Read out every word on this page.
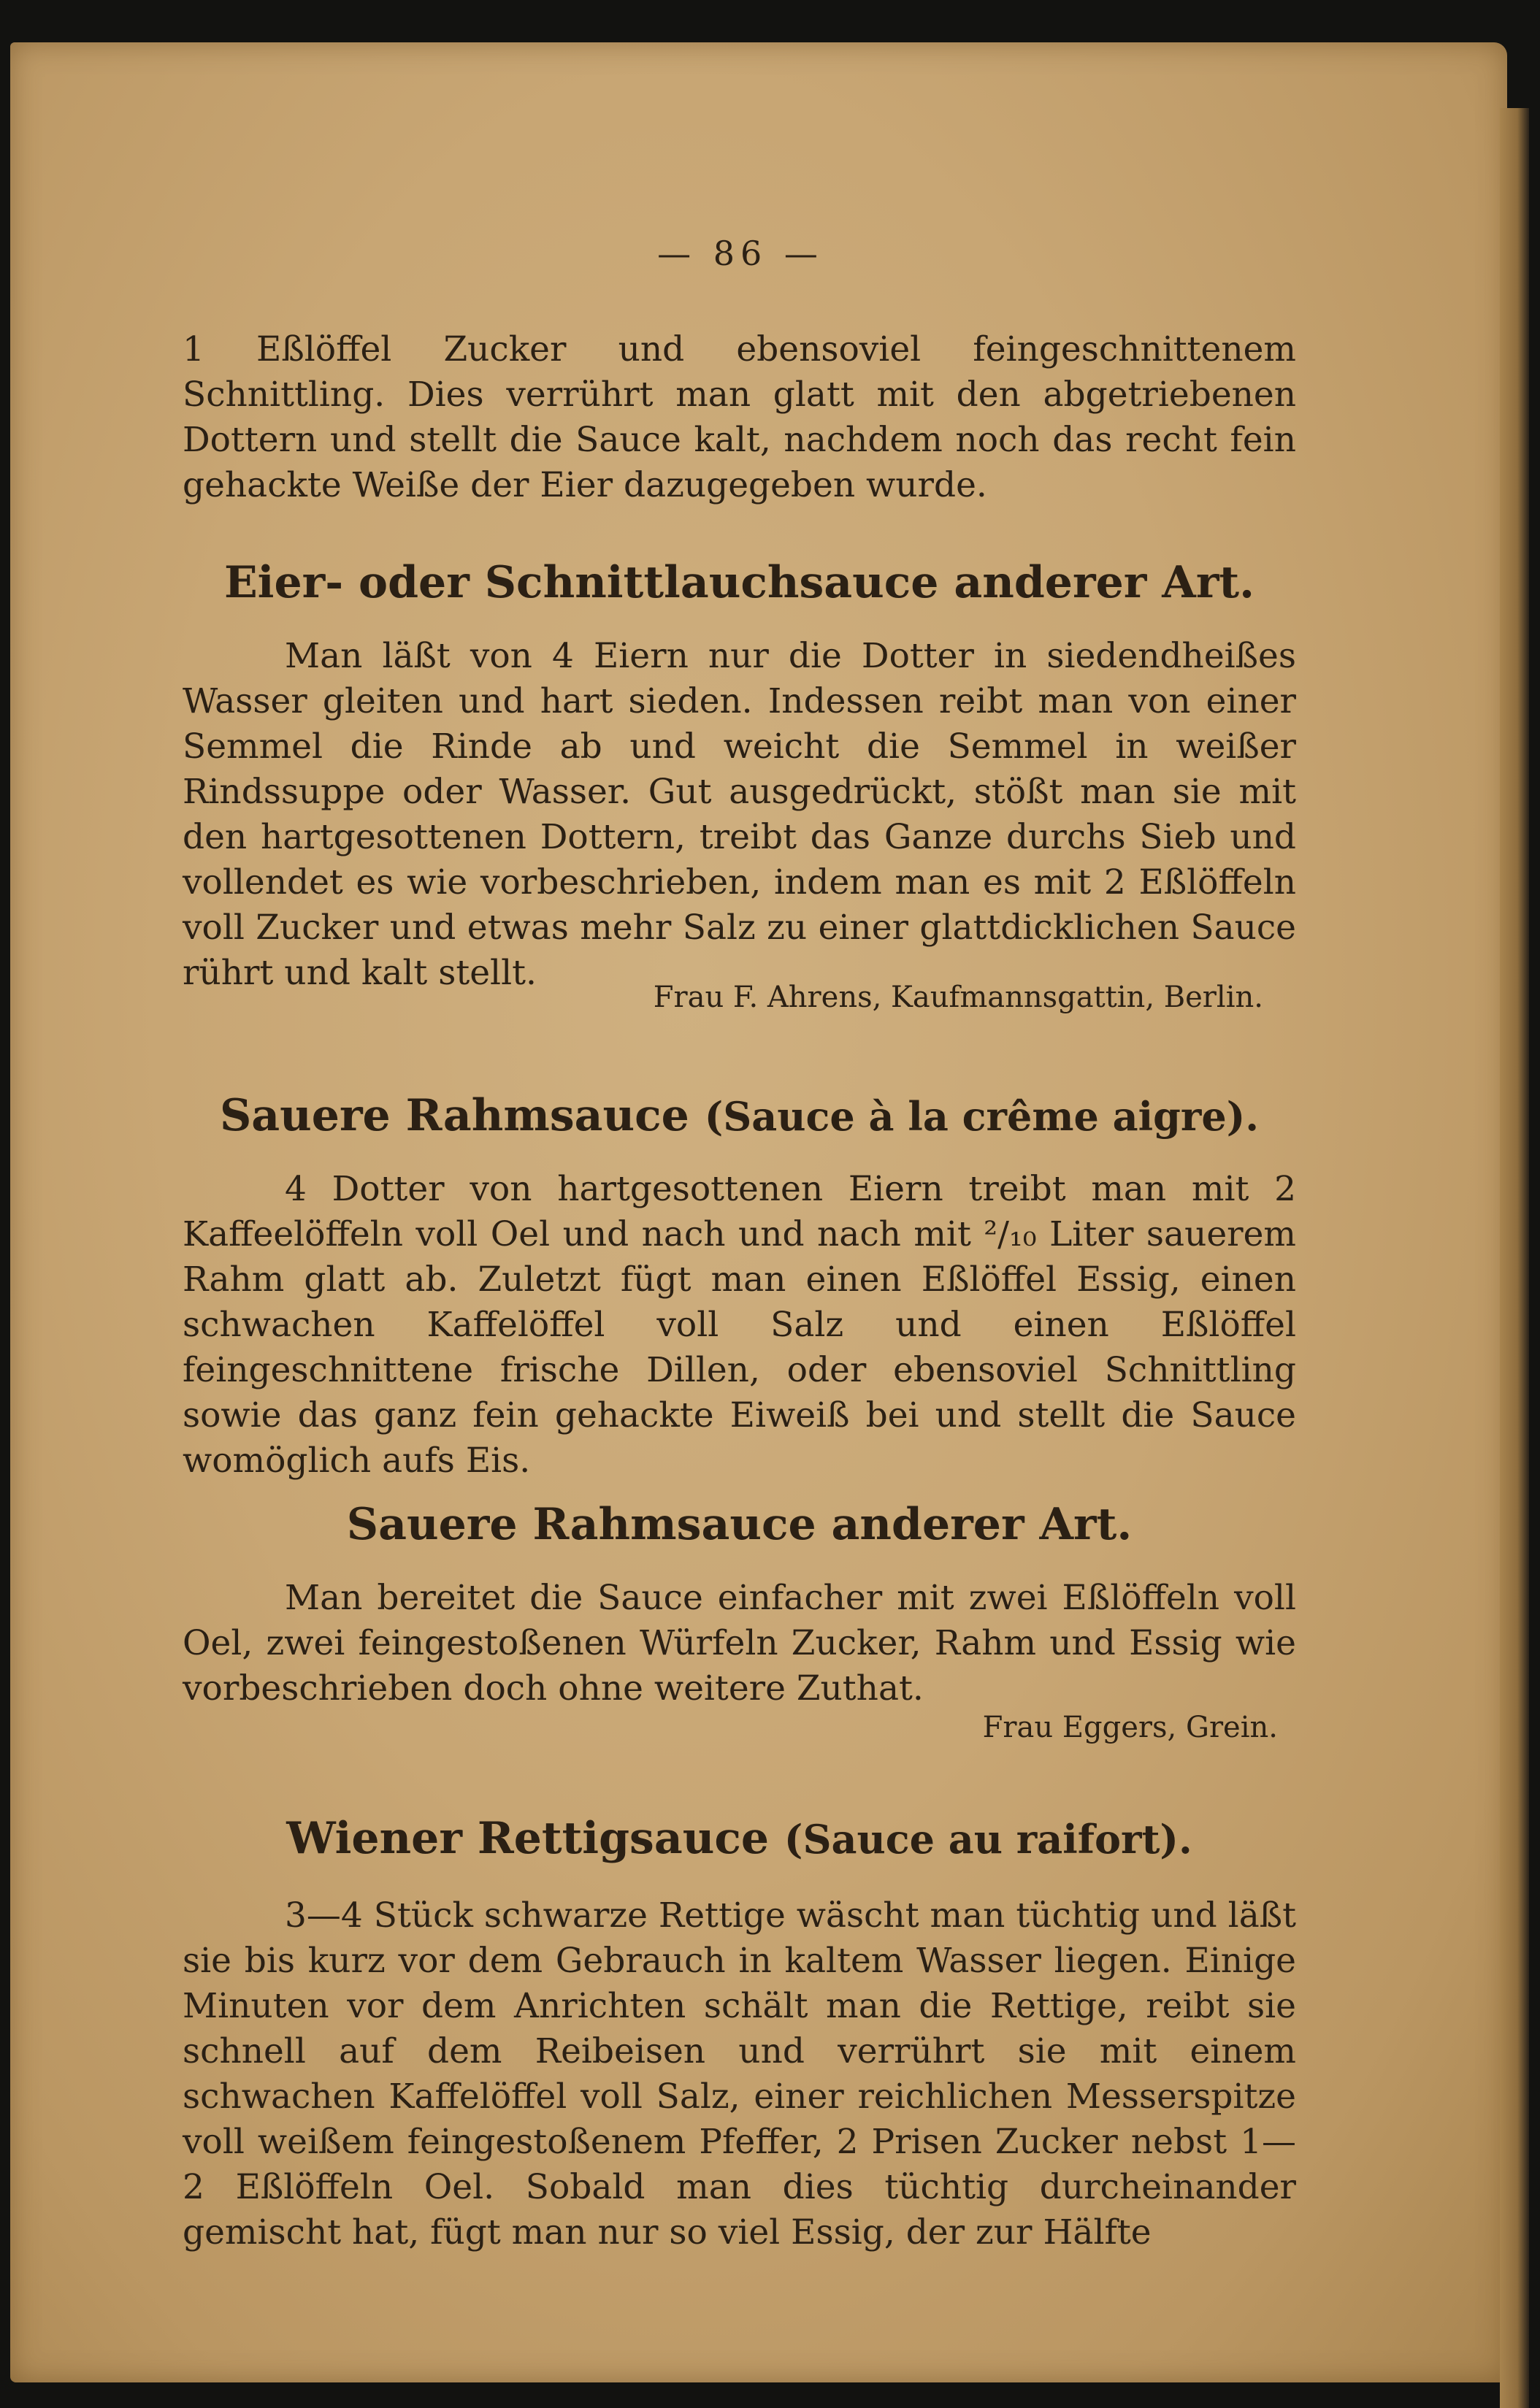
— 86 —
1 Eßlöffel Zucker und ebensoviel feingeschnittenem Schnittling. Dies verrührt man glatt mit den abgetriebenen Dottern und stellt die Sauce kalt, nachdem noch das recht fein gehackte Weiße der Eier dazugegeben wurde.
Eier- oder Schnittlauchsauce anderer Art.
Man läßt von 4 Eiern nur die Dotter in siedendheißes Wasser gleiten und hart sieden. Indessen reibt man von einer Semmel die Rinde ab und weicht die Semmel in weißer Rindssuppe oder Wasser. Gut ausgedrückt, stößt man sie mit den hartgesottenen Dottern, treibt das Ganze durchs Sieb und vollendet es wie vorbeschrieben, indem man es mit 2 Eßlöffeln voll Zucker und etwas mehr Salz zu einer glattdicklichen Sauce rührt und kalt stellt.
Frau F. Ahrens, Kaufmannsgattin, Berlin.
Sauere Rahmsauce (Sauce à la crême aigre).
4 Dotter von hartgesottenen Eiern treibt man mit 2 Kaffeelöffeln voll Oel und nach und nach mit ²/₁₀ Liter sauerem Rahm glatt ab. Zuletzt fügt man einen Eßlöffel Essig, einen schwachen Kaffelöffel voll Salz und einen Eßlöffel feingeschnittene frische Dillen, oder ebensoviel Schnittling sowie das ganz fein gehackte Eiweiß bei und stellt die Sauce womöglich aufs Eis.
Sauere Rahmsauce anderer Art.
Man bereitet die Sauce einfacher mit zwei Eßlöffeln voll Oel, zwei feingestoßenen Würfeln Zucker, Rahm und Essig wie vorbeschrieben doch ohne weitere Zuthat.
Frau Eggers, Grein.
Wiener Rettigsauce (Sauce au raifort).
3—4 Stück schwarze Rettige wäscht man tüchtig und läßt sie bis kurz vor dem Gebrauch in kaltem Wasser liegen. Einige Minuten vor dem Anrichten schält man die Rettige, reibt sie schnell auf dem Reibeisen und verrührt sie mit einem schwachen Kaffelöffel voll Salz, einer reichlichen Messerspitze voll weißem feingestoßenem Pfeffer, 2 Prisen Zucker nebst 1—2 Eßlöffeln Oel. Sobald man dies tüchtig durcheinander gemischt hat, fügt man nur so viel Essig, der zur Hälfte
